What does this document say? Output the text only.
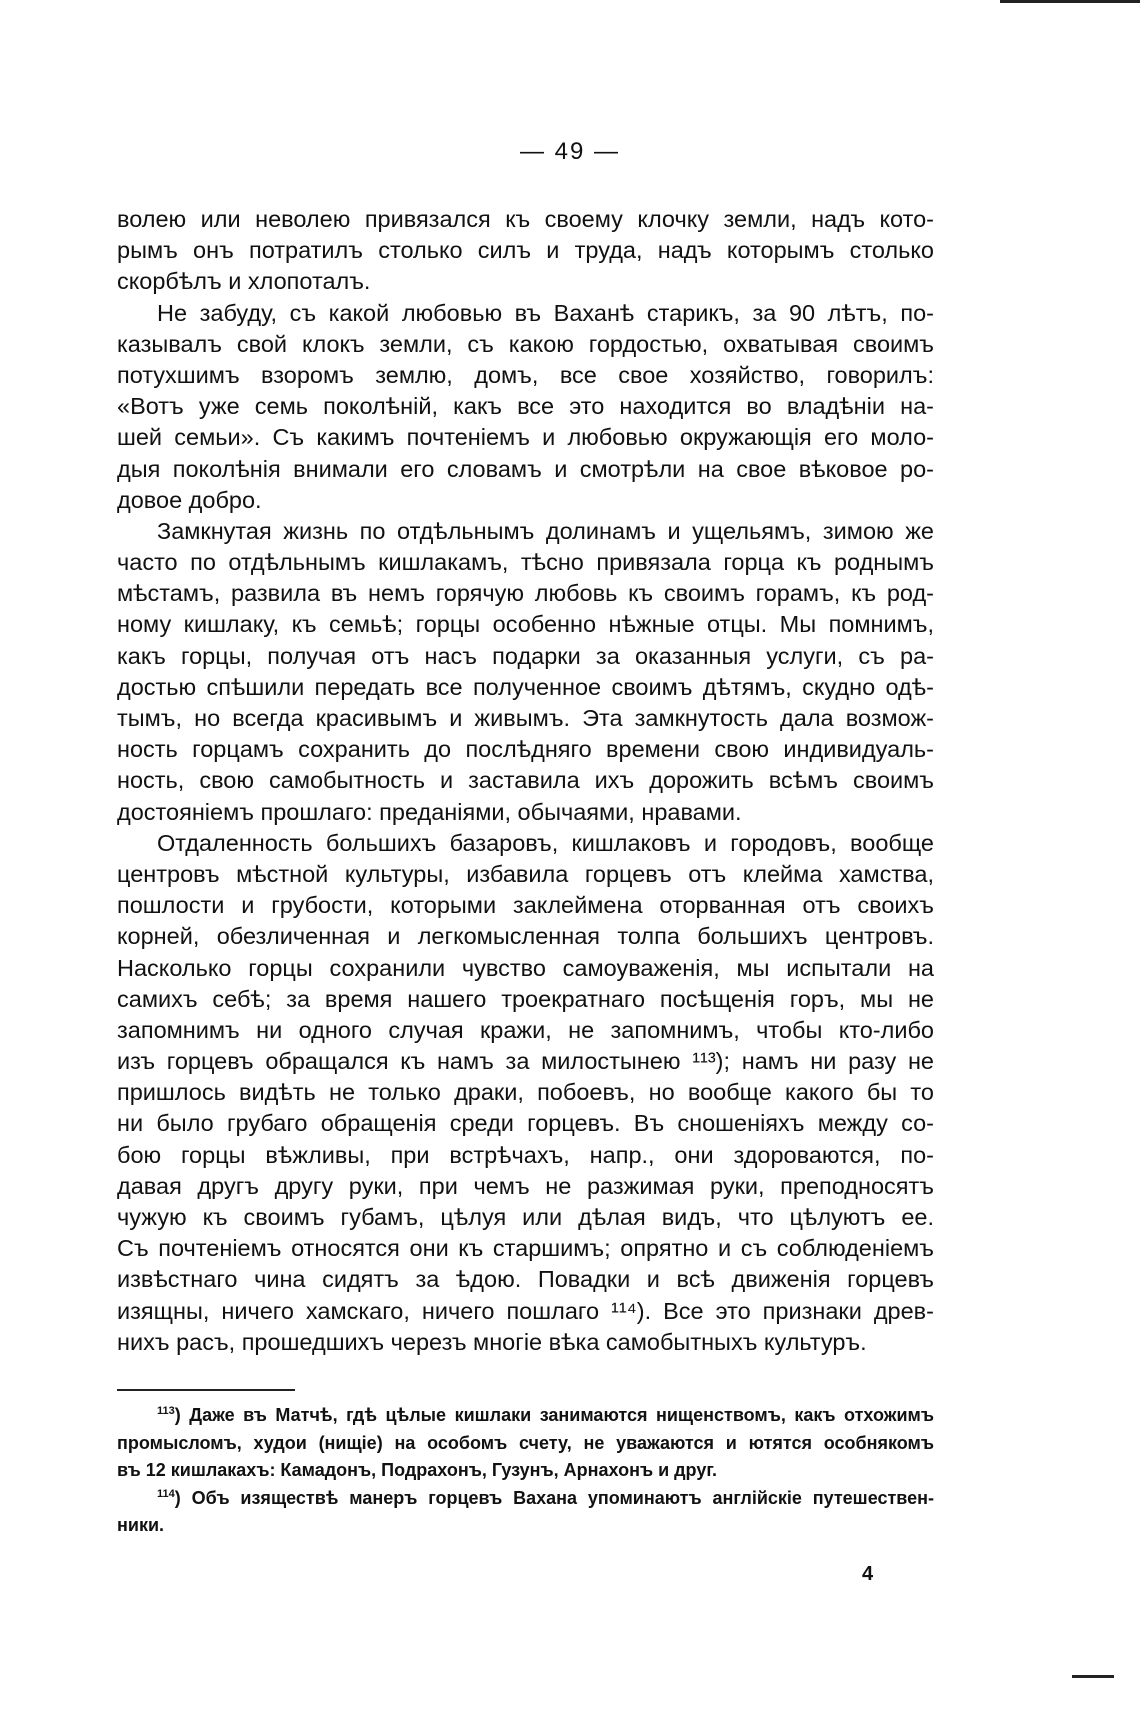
— 49 —
волею или неволею привязался къ своему клочку земли, надъ кото-
рымъ онъ потратилъ столько силъ и труда, надъ которымъ столько
скорбѣлъ и хлопоталъ.
Не забуду, съ какой любовью въ Ваханѣ старикъ, за 90 лѣтъ, по-
казывалъ свой клокъ земли, съ какою гордостью, охватывая своимъ
потухшимъ взоромъ землю, домъ, все свое хозяйство, говорилъ:
«Вотъ уже семь поколѣній, какъ все это находится во владѣніи на-
шей семьи». Съ какимъ почтеніемъ и любовью окружающія его моло-
дыя поколѣнія внимали его словамъ и смотрѣли на свое вѣковое ро-
довое добро.
Замкнутая жизнь по отдѣльнымъ долинамъ и ущельямъ, зимою же
часто по отдѣльнымъ кишлакамъ, тѣсно привязала горца къ роднымъ
мѣстамъ, развила въ немъ горячую любовь къ своимъ горамъ, къ род-
ному кишлаку, къ семьѣ; горцы особенно нѣжные отцы. Мы помнимъ,
какъ горцы, получая отъ насъ подарки за оказанныя услуги, съ ра-
достью спѣшили передать все полученное своимъ дѣтямъ, скудно одѣ-
тымъ, но всегда красивымъ и живымъ. Эта замкнутость дала возмож-
ность горцамъ сохранить до послѣдняго времени свою индивидуаль-
ность, свою самобытность и заставила ихъ дорожить всѣмъ своимъ
достояніемъ прошлаго: преданіями, обычаями, нравами.
Отдаленность большихъ базаровъ, кишлаковъ и городовъ, вообще
центровъ мѣстной культуры, избавила горцевъ отъ клейма хамства,
пошлости и грубости, которыми заклеймена оторванная отъ своихъ
корней, обезличенная и легкомысленная толпа большихъ центровъ.
Насколько горцы сохранили чувство самоуваженія, мы испытали на
самихъ себѣ; за время нашего троекратнаго посѣщенія горъ, мы не
запомнимъ ни одного случая кражи, не запомнимъ, чтобы кто-либо
изъ горцевъ обращался къ намъ за милостынею ¹¹³); намъ ни разу не
пришлось видѣть не только драки, побоевъ, но вообще какого бы то
ни было грубаго обращенія среди горцевъ. Въ сношеніяхъ между со-
бою горцы вѣжливы, при встрѣчахъ, напр., они здороваются, по-
давая другъ другу руки, при чемъ не разжимая руки, преподносятъ
чужую къ своимъ губамъ, цѣлуя или дѣлая видъ, что цѣлуютъ ее.
Съ почтеніемъ относятся они къ старшимъ; опрятно и съ соблюденіемъ
извѣстнаго чина сидятъ за ѣдою. Повадки и всѣ движенія горцевъ
изящны, ничего хамскаго, ничего пошлаго ¹¹⁴). Все это признаки древ-
нихъ расъ, прошедшихъ черезъ многіе вѣка самобытныхъ культуръ.
$^{113}$) Даже въ Матчѣ, гдѣ цѣлые кишлаки занимаются нищенствомъ, какъ отхожимъ
промысломъ, худои (нищіе) на особомъ счету, не уважаются и ютятся особнякомъ
въ 12 кишлакахъ: Камадонъ, Подрахонъ, Гузунъ, Арнахонъ и друг.
$^{114}$) Объ изяществѣ манеръ горцевъ Вахана упоминаютъ англійскіе путешествен-
ники.
4
